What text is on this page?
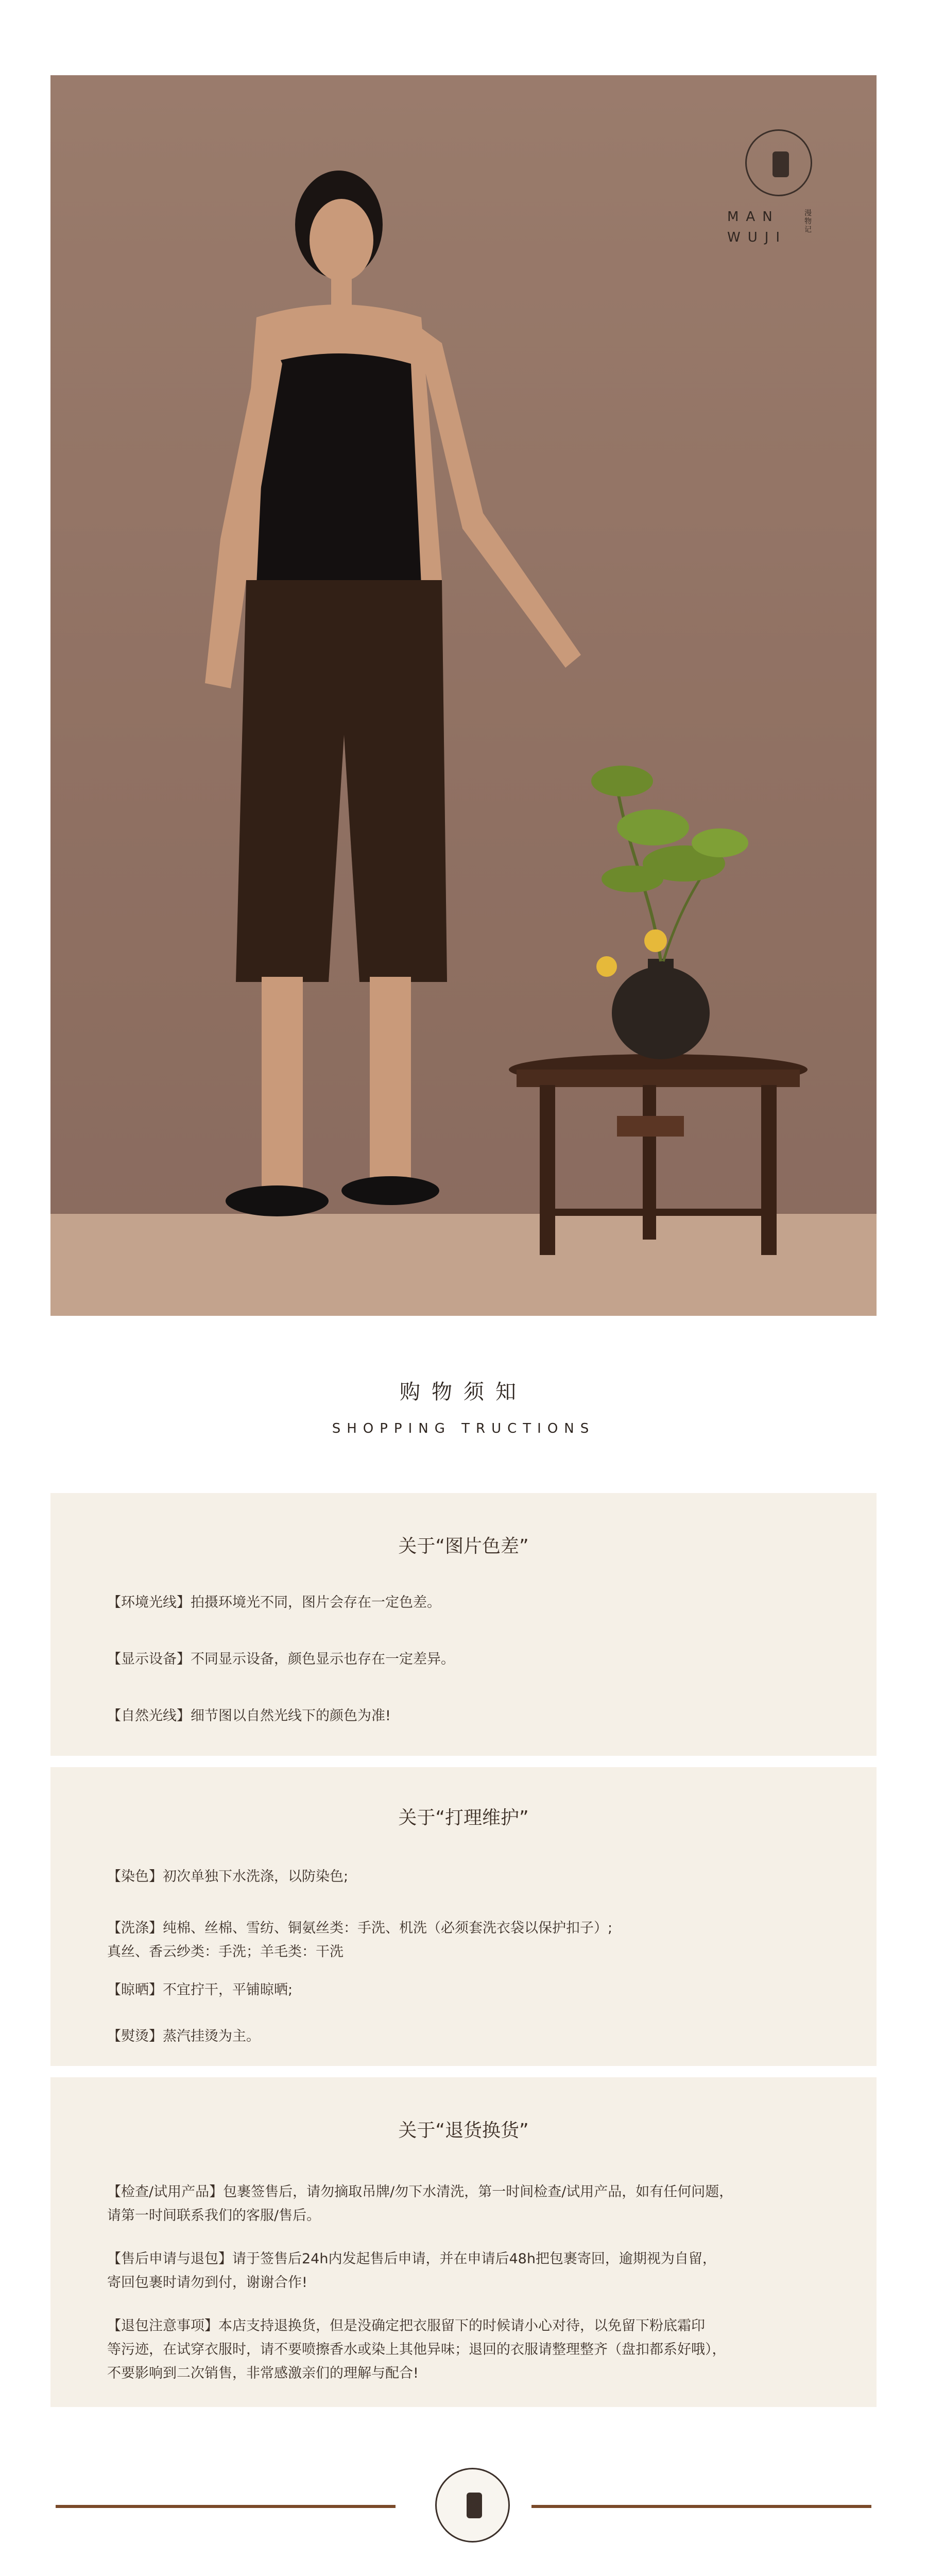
MAN WUJI
漫物记
购物须知
SHOPPING TRUCTIONS
关于“图片色差”

【环境光线】拍摄环境光不同，图片会存在一定色差。

【显示设备】不同显示设备，颜色显示也存在一定差异。

【自然光线】细节图以自然光线下的颜色为准!

关于“打理维护”

【染色】初次单独下水洗涤，以防染色;

【洗涤】纯棉、丝棉、雪纺、铜氨丝类：手洗、机洗（必须套洗衣袋以保护扣子）;
真丝、香云纱类：手洗；羊毛类：干洗

【晾晒】不宜拧干，平铺晾晒;

【熨烫】蒸汽挂烫为主。

关于“退货换货”

【检查/试用产品】包裹签售后，请勿摘取吊牌/勿下水清洗，第一时间检查/试用产品，如有任何问题，
请第一时间联系我们的客服/售后。

【售后申请与退包】请于签售后24h内发起售后申请，并在申请后48h把包裹寄回，逾期视为自留，
寄回包裹时请勿到付，谢谢合作!

【退包注意事项】本店支持退换货，但是没确定把衣服留下的时候请小心对待，以免留下粉底霜印
等污迹，在试穿衣服时，请不要喷擦香水或染上其他异味；退回的衣服请整理整齐（盘扣都系好哦），
不要影响到二次销售，非常感激亲们的理解与配合!
